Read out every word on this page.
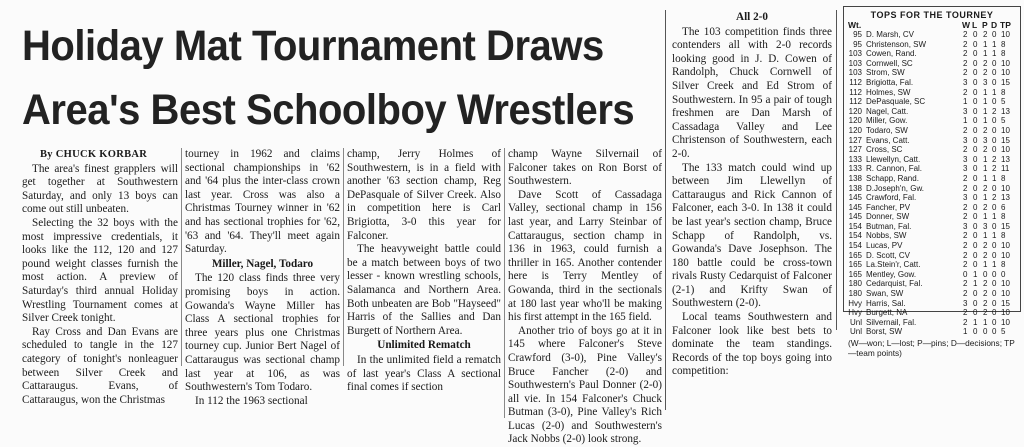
Holiday Mat Tournament Draws
Area's Best Schoolboy Wrestlers
By CHUCK KORBAR

The area's finest grapplers will get together at Southwestern Saturday, and only 13 boys can come out still unbeaten.

Selecting the 32 boys with the most impressive credentials, it looks like the 112, 120 and 127 pound weight classes furnish the most action. A preview of Saturday's third annual Holiday Wrestling Tournament comes at Silver Creek tonight.

Ray Cross and Dan Evans are scheduled to tangle in the 127 category of tonight's nonleaguer between Silver Creek and Cattaraugus. Evans, of Cattaraugus, won the Christmas

tourney in 1962 and claims sectional championships in '62 and '64 plus the inter-class crown last year. Cross was also a Christmas Tourney winner in '62 and has sectional trophies for '62, '63 and '64. They'll meet again Saturday.

Miller, Nagel, Todaro

The 120 class finds three very promising boys in action. Gowanda's Wayne Miller has Class A sectional trophies for three years plus one Christmas tourney cup. Junior Bert Nagel of Cattaraugus was sectional champ last year at 106, as was Southwestern's Tom Todaro.

In 112 the 1963 sectional

champ, Jerry Holmes of Southwestern, is in a field with another '63 section champ, Reg DePasquale of Silver Creek. Also in competition here is Carl Brigiotta, 3-0 this year for Falconer.

The heavyweight battle could be a match between boys of two lesser - known wrestling schools, Salamanca and Northern Area. Both unbeaten are Bob "Hayseed" Harris of the Sallies and Dan Burgett of Northern Area.

Unlimited Rematch

In the unlimited field a rematch of last year's Class A sectional final comes if section

champ Wayne Silvernail of Falconer takes on Ron Borst of Southwestern.

Dave Scott of Cassadaga Valley, sectional champ in 156 last year, and Larry Steinbar of Cattaraugus, section champ in 136 in 1963, could furnish a thriller in 165. Another contender here is Terry Mentley of Gowanda, third in the sectionals at 180 last year who'll be making his first attempt in the 165 field.

Another trio of boys go at it in 145 where Falconer's Steve Crawford (3-0), Pine Valley's Bruce Fancher (2-0) and Southwestern's Paul Donner (2-0) all vie. In 154 Falconer's Chuck Butman (3-0), Pine Valley's Rich Lucas (2-0) and Southwestern's Jack Nobbs (2-0) look strong.

All 2-0

The 103 competition finds three contenders all with 2-0 records looking good in J. D. Cowen of Randolph, Chuck Cornwell of Silver Creek and Ed Strom of Southwestern. In 95 a pair of tough freshmen are Dan Marsh of Cassadaga Valley and Lee Christenson of Southwestern, each 2-0.

The 133 match could wind up between Jim Llewellyn of Cattaraugus and Rick Cannon of Falconer, each 3-0. In 138 it could be last year's section champ, Bruce Schapp of Randolph, vs. Gowanda's Dave Josephson. The 180 battle could be cross-town rivals Rusty Cedarquist of Falconer (2-1) and Krifty Swan of Southwestern (2-0).

Local teams Southwestern and Falconer look like best bets to dominate the team standings. Records of the top boys going into competition:

TOPS FOR THE TOURNEY
Wt.	W L P D TP
95 D. Marsh, CV	2 0 2 0 10
95 Christenson, SW	2 0 1 1 8
103 Cowen, Rand.	2 0 1 1 8
103 Cornwell, SC	2 0 2 0 10
103 Strom, SW	2 0 2 0 10
112 Brigiotta, Fal.	3 0 3 0 15
112 Holmes, SW	2 0 1 1 8
112 DePasquale, SC	1 0 1 0 5
120 Nagel, Catt.	3 0 1 2 13
120 Miller, Gow.	1 0 1 0 5
120 Todaro, SW	2 0 2 0 10
127 Evans, Catt.	3 0 3 0 15
127 Cross, SC	2 0 2 0 10
133 Llewellyn, Catt.	3 0 1 2 13
133 R. Cannon, Fal.	3 0 1 2 11
138 Schapp, Rand.	2 0 1 1 8
138 D.Joseph'n, Gw.	2 0 2 0 10
145 Crawford, Fal.	3 0 1 2 13
145 Fancher, PV	2 0 2 0 6
145 Donner, SW	2 0 1 1 8
154 Butman, Fal.	3 0 3 0 15
154 Nobbs, SW	2 0 1 1 8
154 Lucas, PV	2 0 2 0 10
165 D. Scott, CV	2 0 2 0 10
165 La.Stein'r, Catt.	2 0 1 1 8
165 Mentley, Gow.	0 1 0 0 0
180 Cedarquist, Fal.	2 1 2 0 10
180 Swan, SW	2 0 2 0 10
Hvy Harris, Sal.	3 0 2 0 15
Hvy Burgett, NA	2 0 2 0 10
Unl Silvernail, Fal.	2 1 1 0 10
Unl Borst, SW	1 0 0 0 5
(W—won; L—lost; P—pins; D—decisions; TP—team points)
